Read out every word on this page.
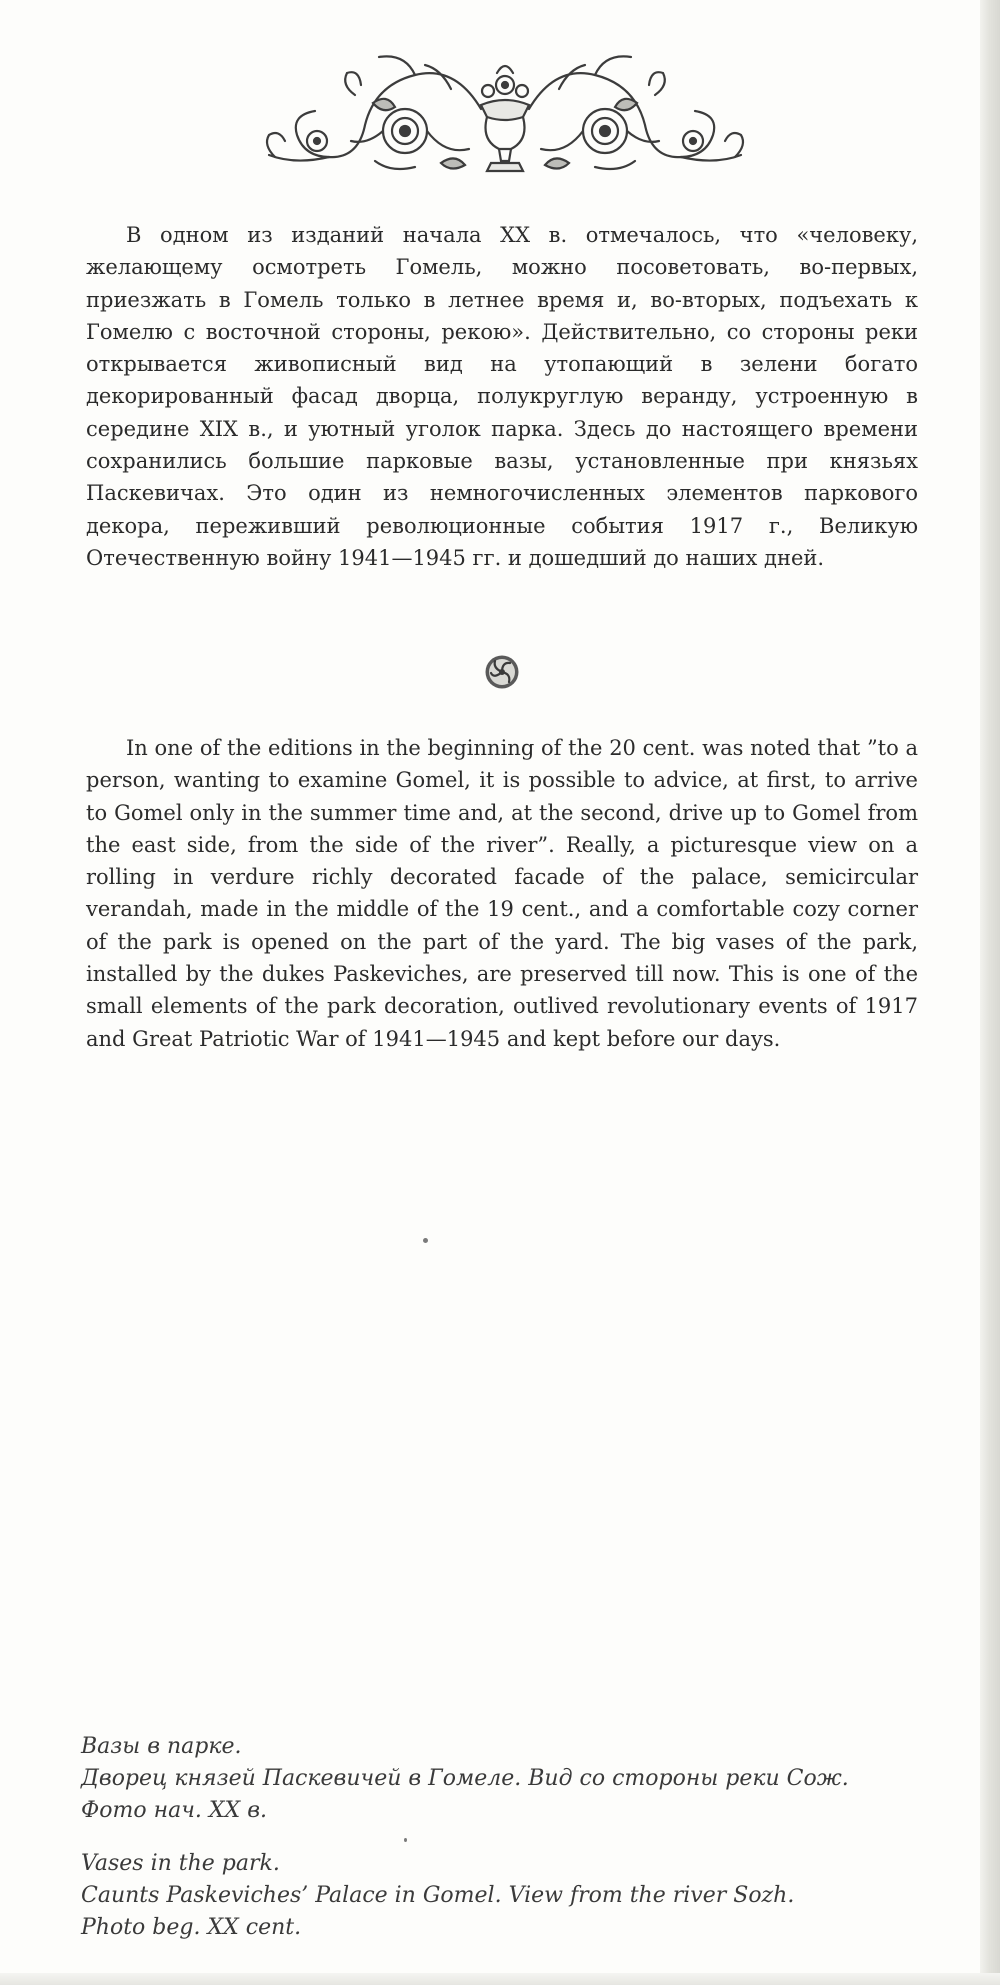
В одном из изданий начала XX в. отмечалось, что «человеку, желающему осмотреть Гомель, можно посоветовать, во-первых, приезжать в Гомель только в летнее время и, во-вторых, подъехать к Гомелю с восточной стороны, рекою». Действительно, со стороны реки открывается живописный вид на утопающий в зелени богато декорированный фасад дворца, полукруглую веранду, устроенную в середине XIX в., и уютный уголок парка. Здесь до настоящего времени сохранились большие парковые вазы, установленные при князьях Паскевичах. Это один из немногочисленных элементов паркового декора, переживший революционные события 1917 г., Великую Отечественную войну 1941—1945 гг. и дошедший до наших дней.

In one of the editions in the beginning of the 20 cent. was noted that ”to a person, wanting to examine Gomel, it is possible to advice, at first, to arrive to Gomel only in the summer time and, at the second, drive up to Gomel from the east side, from the side of the river”. Really, a picturesque view on a rolling in verdure richly decorated facade of the palace, semicircular verandah, made in the middle of the 19 cent., and a comfortable cozy corner of the park is opened on the part of the yard. The big vases of the park, installed by the dukes Paskeviches, are preserved till now. This is one of the small elements of the park decoration, outlived revolutionary events of 1917 and Great Patriotic War of 1941—1945 and kept before our days.

Вазы в парке.
Дворец князей Паскевичей в Гомеле. Вид со стороны реки Сож.
Фото нач. XX в.
Vases in the park.
Caunts Paskeviches’ Palace in Gomel. View from the river Sozh.
Photo beg. XX cent.
